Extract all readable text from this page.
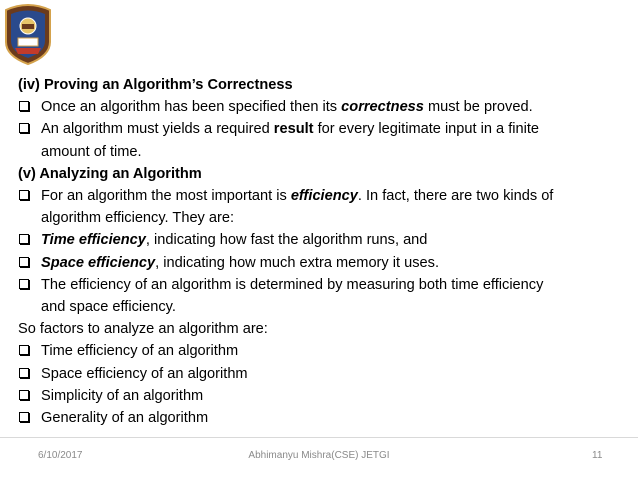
(iv) Proving an Algorithm’s Correctness
Once an algorithm has been specified then its correctness must be proved.
An algorithm must yields a required result for every legitimate input in a finite
amount of time.
(v) Analyzing an Algorithm
For an algorithm the most important is efficiency. In fact, there are two kinds of
algorithm efficiency. They are:
Time efficiency, indicating how fast the algorithm runs, and
Space efficiency, indicating how much extra memory it uses.
The efficiency of an algorithm is determined by measuring both time efficiency
and space efficiency.
So factors to analyze an algorithm are:
Time efficiency of an algorithm
Space efficiency of an algorithm
Simplicity of an algorithm
Generality of an algorithm
6/10/2017	Abhimanyu Mishra(CSE) JETGI	11
